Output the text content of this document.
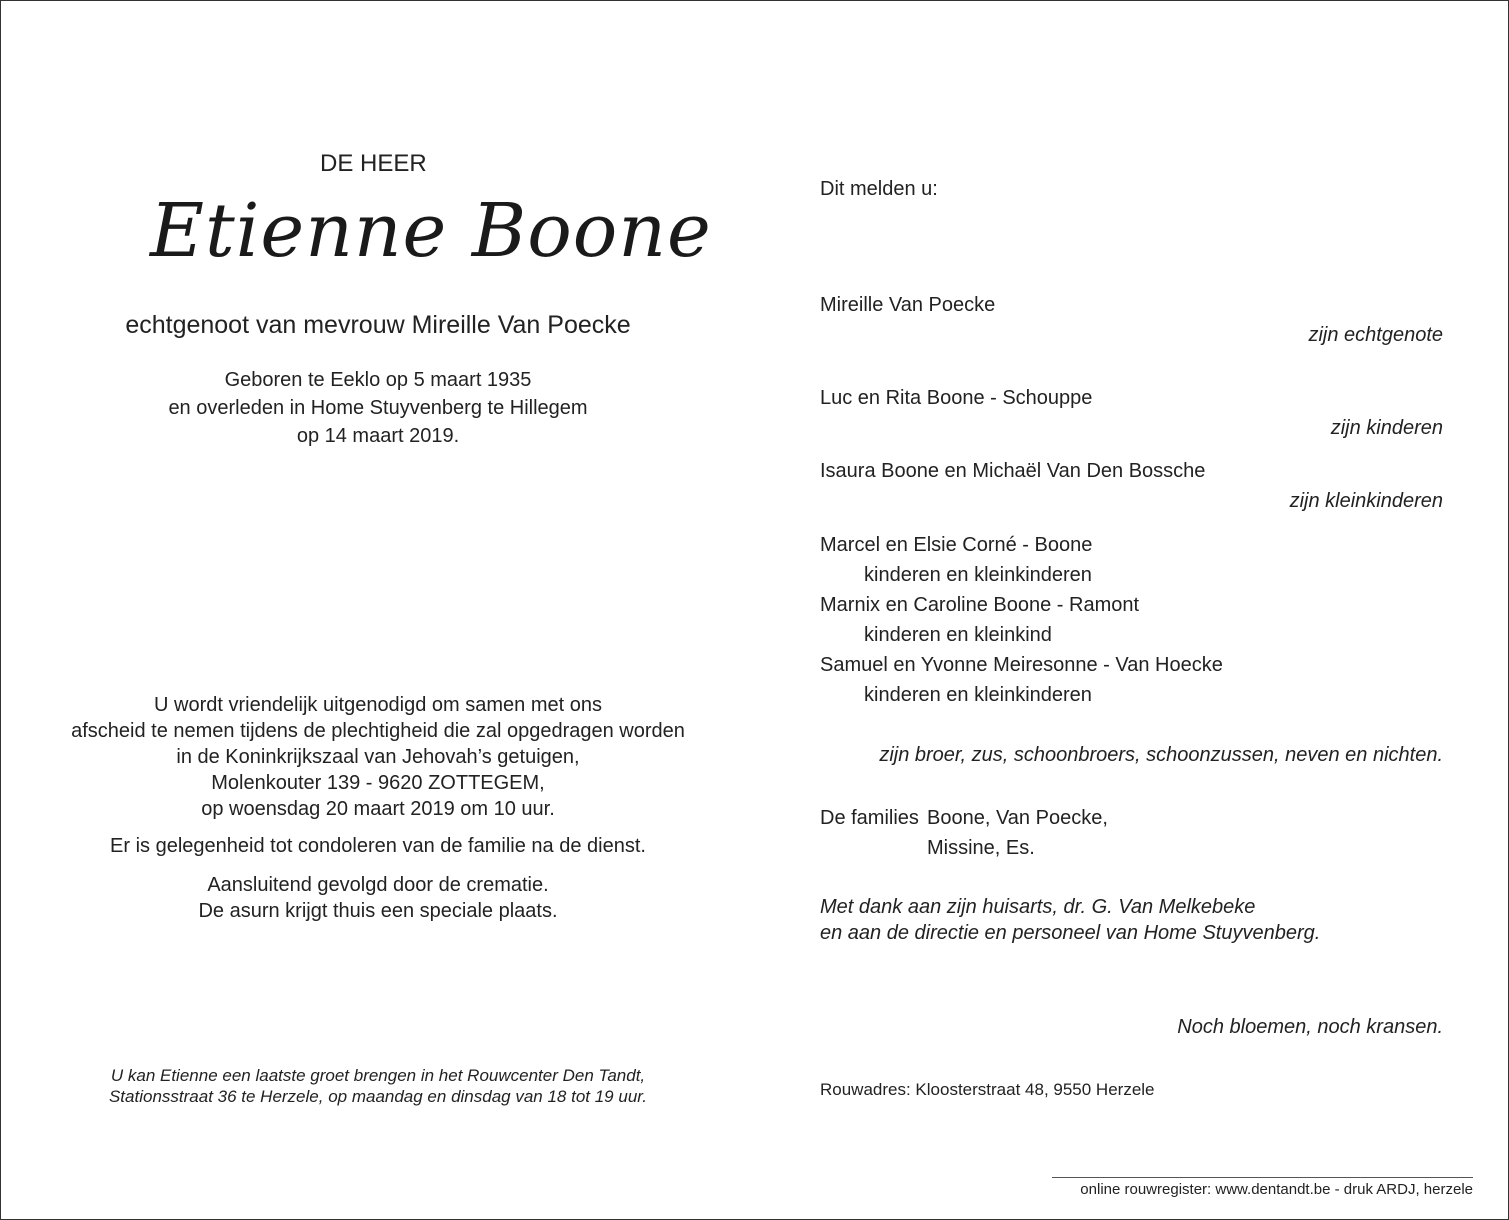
DE HEER
Etienne Boone
echtgenoot van mevrouw Mireille Van Poecke
Geboren te Eeklo op 5 maart 1935
en overleden in Home Stuyvenberg te Hillegem
op 14 maart 2019.
U wordt vriendelijk uitgenodigd om samen met ons
afscheid te nemen tijdens de plechtigheid die zal opgedragen worden
in de Koninkrijkszaal van Jehovah’s getuigen,
Molenkouter 139 - 9620 ZOTTEGEM,
op woensdag 20 maart 2019 om 10 uur.
Er is gelegenheid tot condoleren van de familie na de dienst.
Aansluitend gevolgd door de crematie.
De asurn krijgt thuis een speciale plaats.
U kan Etienne een laatste groet brengen in het Rouwcenter Den Tandt,
Stationsstraat 36 te Herzele, op maandag en dinsdag van 18 tot 19 uur.
Dit melden u:
Mireille Van Poecke
zijn echtgenote
Luc en Rita Boone - Schouppe
zijn kinderen
Isaura Boone en Michaël Van Den Bossche
zijn kleinkinderen
Marcel en Elsie Corné - Boone
kinderen en kleinkinderen
Marnix en Caroline Boone - Ramont
kinderen en kleinkind
Samuel en Yvonne Meiresonne - Van Hoecke
kinderen en kleinkinderen
zijn broer, zus, schoonbroers, schoonzussen, neven en nichten.
De families Boone, Van Poecke,
Missine, Es.
Met dank aan zijn huisarts, dr. G. Van Melkebeke
en aan de directie en personeel van Home Stuyvenberg.
Noch bloemen, noch kransen.
Rouwadres: Kloosterstraat 48, 9550 Herzele
online rouwregister: www.dentandt.be - druk ARDJ, herzele
